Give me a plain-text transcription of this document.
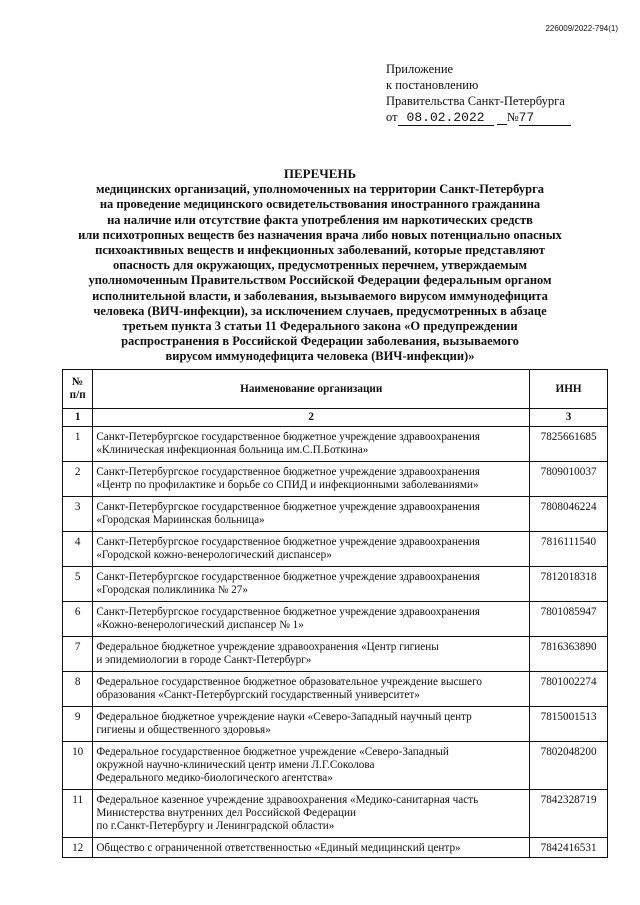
226009/2022-794(1)
Приложение
к постановлению
Правительства Санкт-Петербурга
от 08.02.2022 №77
ПЕРЕЧЕНЬ
медицинских организаций, уполномоченных на территории Санкт-Петербурга
на проведение медицинского освидетельствования иностранного гражданина
на наличие или отсутствие факта употребления им наркотических средств
или психотропных веществ без назначения врача либо новых потенциально опасных
психоактивных веществ и инфекционных заболеваний, которые представляют
опасность для окружающих, предусмотренных перечнем, утверждаемым
уполномоченным Правительством Российской Федерации федеральным органом
исполнительной власти, и заболевания, вызываемого вирусом иммунодефицита
человека (ВИЧ-инфекции), за исключением случаев, предусмотренных в абзаце
третьем пункта 3 статьи 11 Федерального закона «О предупреждении
распространения в Российской Федерации заболевания, вызываемого
вирусом иммунодефицита человека (ВИЧ-инфекции)»
№
п/п	Наименование организации	ИНН
1	2	3
1	Санкт-Петербургское государственное бюджетное учреждение здравоохранения
«Клиническая инфекционная больница им.С.П.Боткина»	7825661685
2	Санкт-Петербургское государственное бюджетное учреждение здравоохранения
«Центр по профилактике и борьбе со СПИД и инфекционными заболеваниями»	7809010037
3	Санкт-Петербургское государственное бюджетное учреждение здравоохранения
«Городская Мариинская больница»	7808046224
4	Санкт-Петербургское государственное бюджетное учреждение здравоохранения
«Городской кожно-венерологический диспансер»	7816111540
5	Санкт-Петербургское государственное бюджетное учреждение здравоохранения
«Городская поликлиника № 27»	7812018318
6	Санкт-Петербургское государственное бюджетное учреждение здравоохранения
«Кожно-венерологический диспансер № 1»	7801085947
7	Федеральное бюджетное учреждение здравоохранения «Центр гигиены
и эпидемиологии в городе Санкт-Петербург»	7816363890
8	Федеральное государственное бюджетное образовательное учреждение высшего
образования «Санкт-Петербургский государственный университет»	7801002274
9	Федеральное бюджетное учреждение науки «Северо-Западный научный центр
гигиены и общественного здоровья»	7815001513
10	Федеральное государственное бюджетное учреждение «Северо-Западный
окружной научно-клинический центр имени Л.Г.Соколова
Федерального медико-биологического агентства»	7802048200
11	Федеральное казенное учреждение здравоохранения «Медико-санитарная часть
Министерства внутренних дел Российской Федерации
по г.Санкт-Петербургу и Ленинградской области»	7842328719
12	Общество с ограниченной ответственностью «Единый медицинский центр»	7842416531
